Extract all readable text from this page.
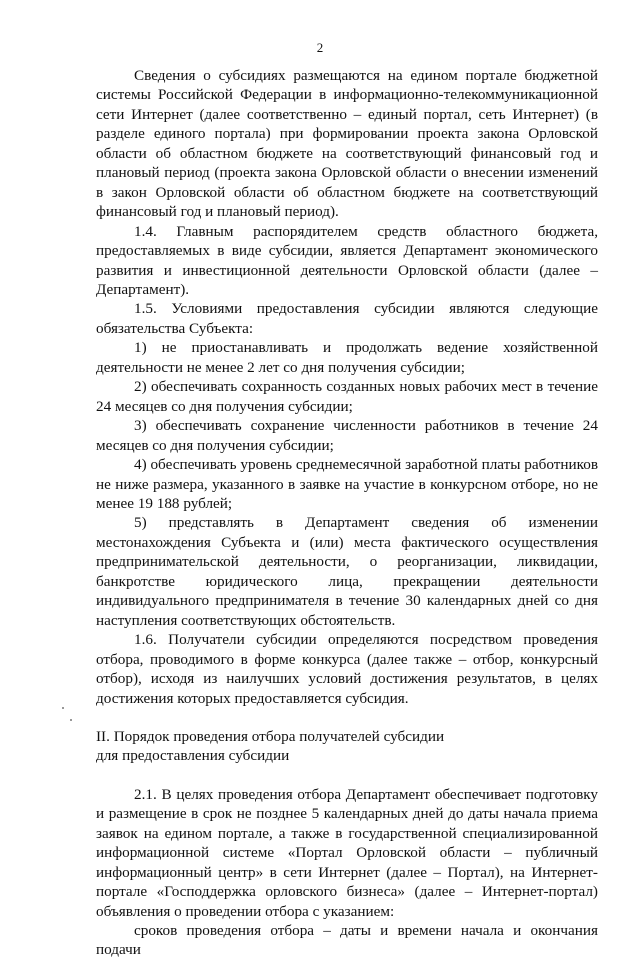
2

Сведения о субсидиях размещаются на едином портале бюджетной системы Российской Федерации в информационно-телекоммуникационной сети Интернет (далее соответственно – единый портал, сеть Интернет) (в разделе единого портала) при формировании проекта закона Орловской области об областном бюджете на соответствующий финансовый год и плановый период (проекта закона Орловской области о внесении изменений в закон Орловской области об областном бюджете на соответствующий финансовый год и плановый период).

1.4. Главным распорядителем средств областного бюджета, предоставляемых в виде субсидии, является Департамент экономического развития и инвестиционной деятельности Орловской области (далее – Департамент).

1.5. Условиями предоставления субсидии являются следующие обязательства Субъекта:

1) не приостанавливать и продолжать ведение хозяйственной деятельности не менее 2 лет со дня получения субсидии;

2) обеспечивать сохранность созданных новых рабочих мест в течение 24 месяцев со дня получения субсидии;

3) обеспечивать сохранение численности работников в течение 24 месяцев со дня получения субсидии;

4) обеспечивать уровень среднемесячной заработной платы работников не ниже размера, указанного в заявке на участие в конкурсном отборе, но не менее 19 188 рублей;

5) представлять в Департамент сведения об изменении местонахождения Субъекта и (или) места фактического осуществления предпринимательской деятельности, о реорганизации, ликвидации, банкротстве юридического лица, прекращении деятельности индивидуального предпринимателя в течение 30 календарных дней со дня наступления соответствующих обстоятельств.

1.6. Получатели субсидии определяются посредством проведения отбора, проводимого в форме конкурса (далее также – отбор, конкурсный отбор), исходя из наилучших условий достижения результатов, в целях достижения которых предоставляется субсидия.

II. Порядок проведения отбора получателей субсидии
для предоставления субсидии

2.1. В целях проведения отбора Департамент обеспечивает подготовку и размещение в срок не позднее 5 календарных дней до даты начала приема заявок на едином портале, а также в государственной специализированной информационной системе «Портал Орловской области – публичный информационный центр» в сети Интернет (далее – Портал), на Интернет-портале «Господдержка орловского бизнеса» (далее – Интернет-портал) объявления о проведении отбора с указанием:

сроков проведения отбора – даты и времени начала и окончания подачи
